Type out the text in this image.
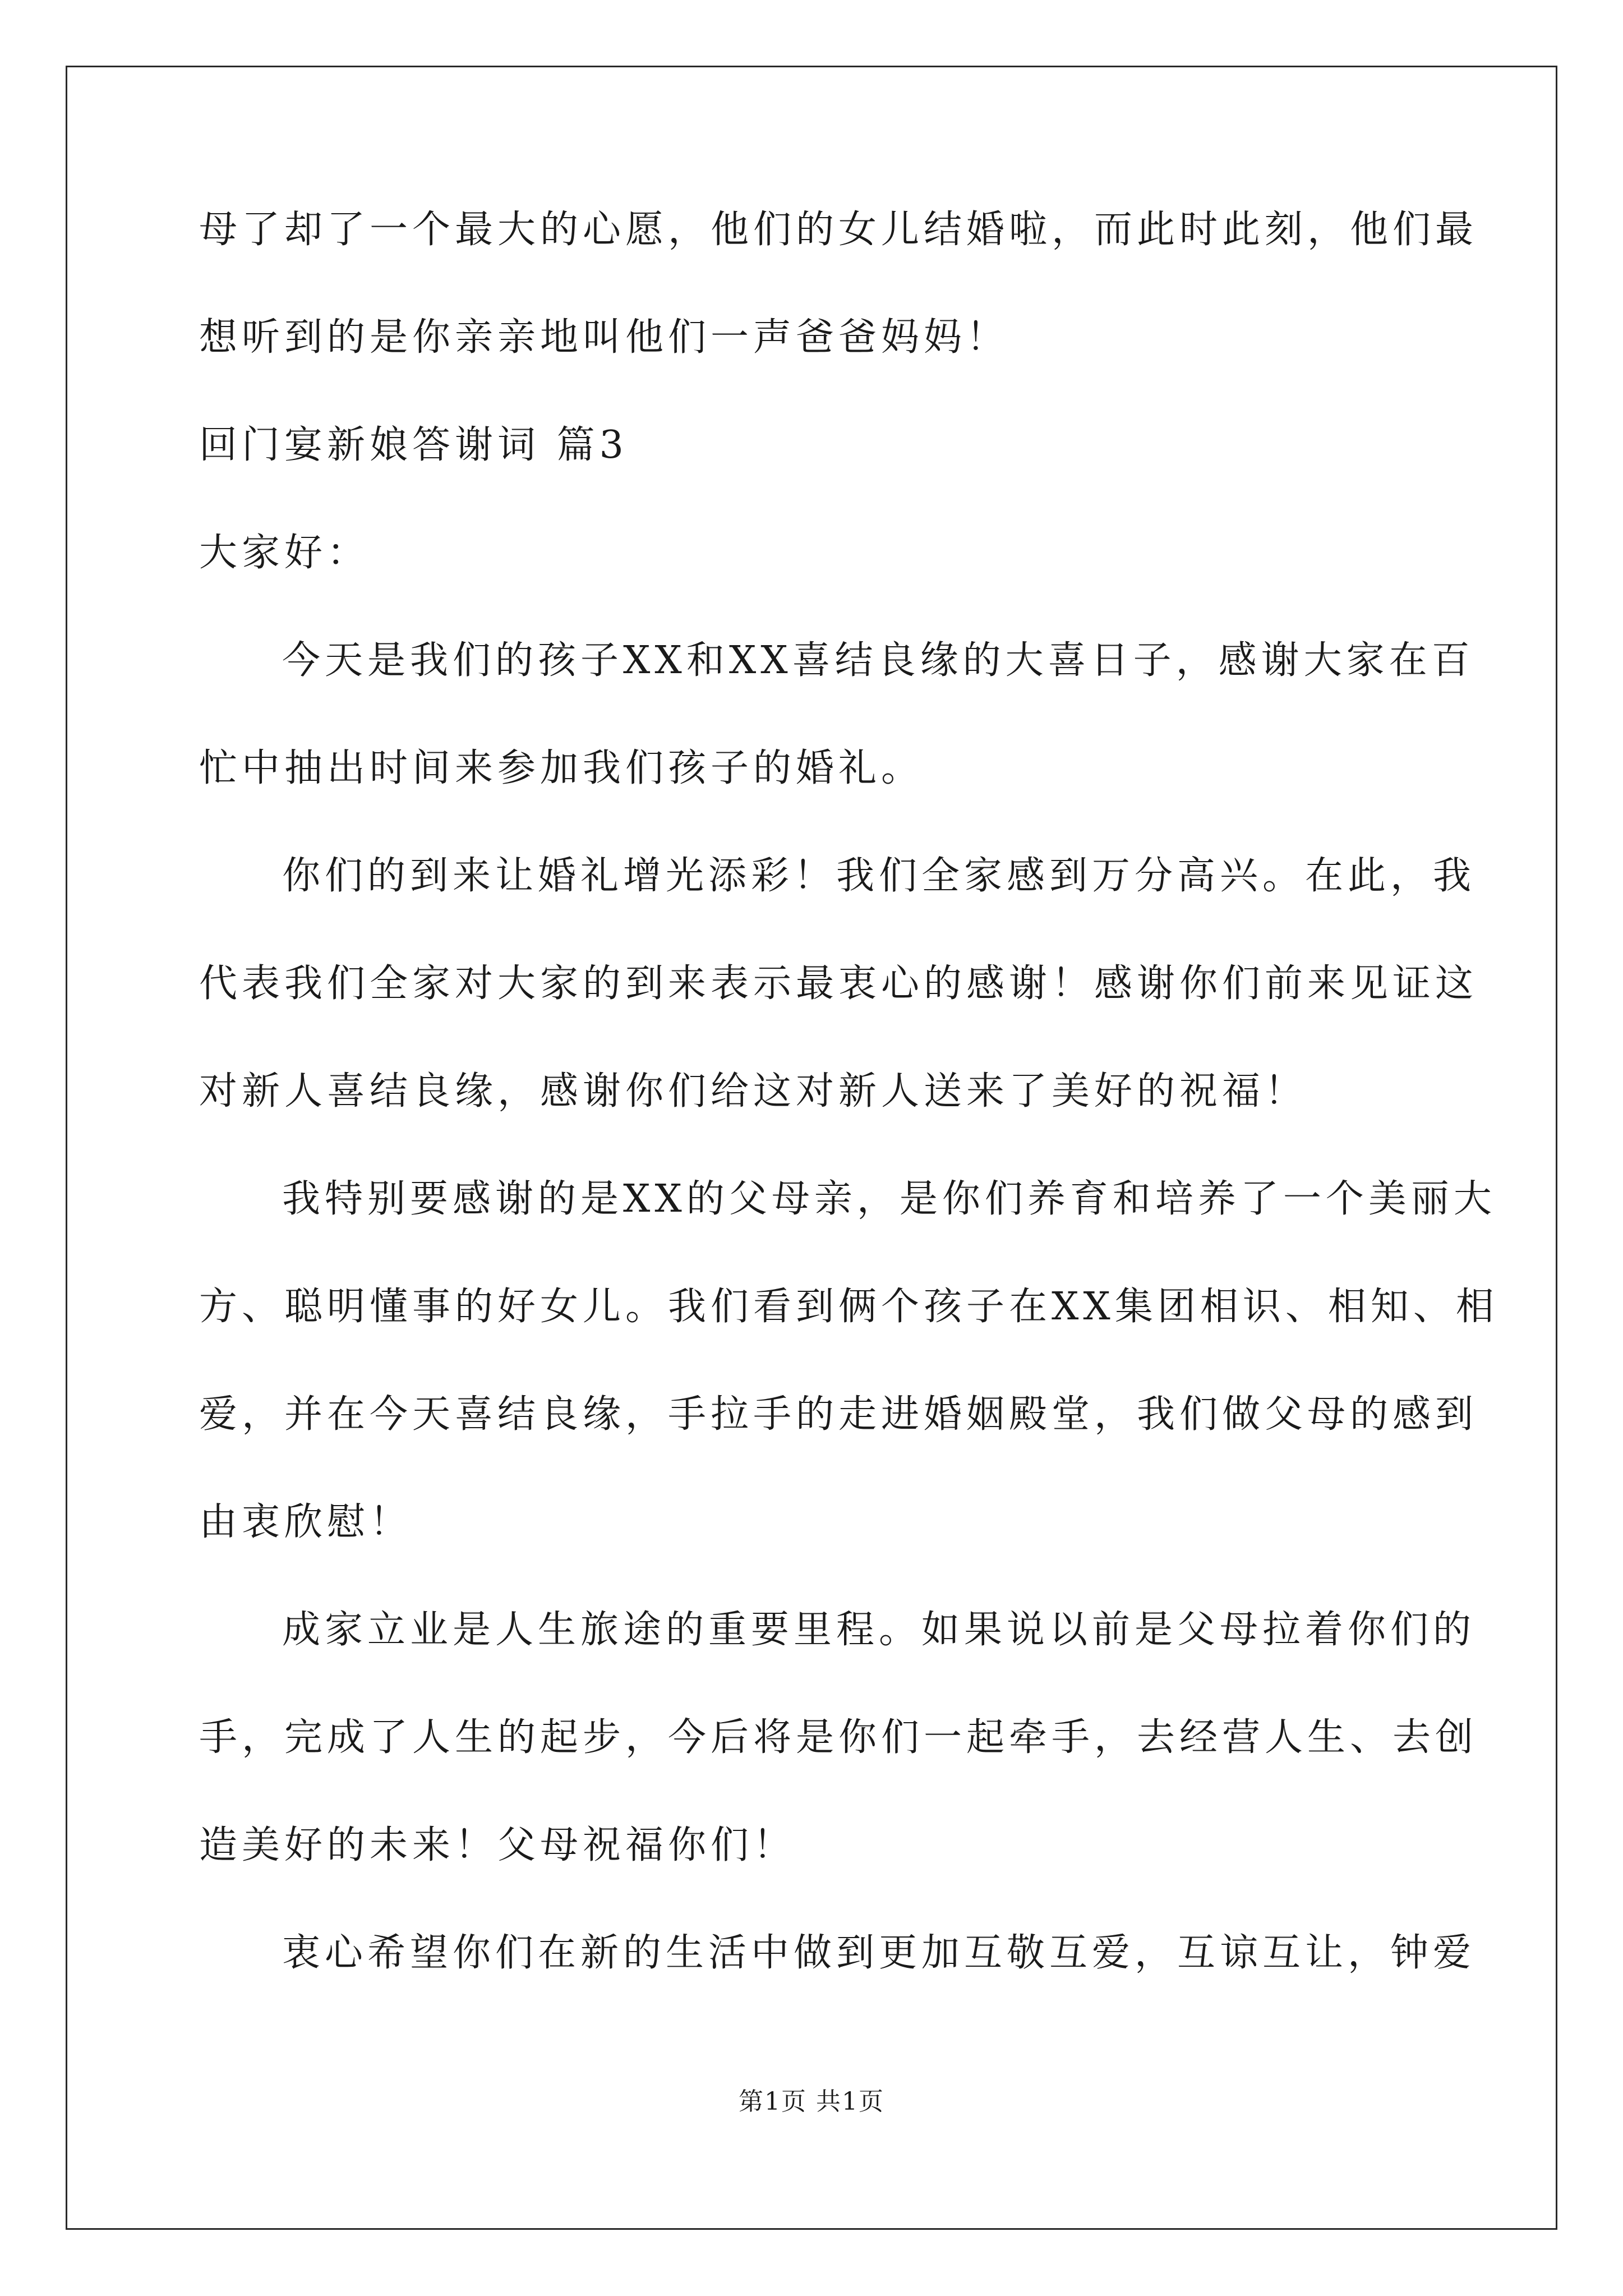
母了却了一个最大的心愿，他们的女儿结婚啦，而此时此刻，他们最
想听到的是你亲亲地叫他们一声爸爸妈妈！
回门宴新娘答谢词 篇3
大家好：
今天是我们的孩子XX和XX喜结良缘的大喜日子，感谢大家在百
忙中抽出时间来参加我们孩子的婚礼。
你们的到来让婚礼增光添彩！我们全家感到万分高兴。在此，我
代表我们全家对大家的到来表示最衷心的感谢！感谢你们前来见证这
对新人喜结良缘，感谢你们给这对新人送来了美好的祝福！
我特别要感谢的是XX的父母亲，是你们养育和培养了一个美丽大
方、聪明懂事的好女儿。我们看到俩个孩子在XX集团相识、相知、相
爱，并在今天喜结良缘，手拉手的走进婚姻殿堂，我们做父母的感到
由衷欣慰！
成家立业是人生旅途的重要里程。如果说以前是父母拉着你们的
手，完成了人生的起步，今后将是你们一起牵手，去经营人生、去创
造美好的未来！父母祝福你们！
衷心希望你们在新的生活中做到更加互敬互爱，互谅互让，钟爱
第1页 共1页
